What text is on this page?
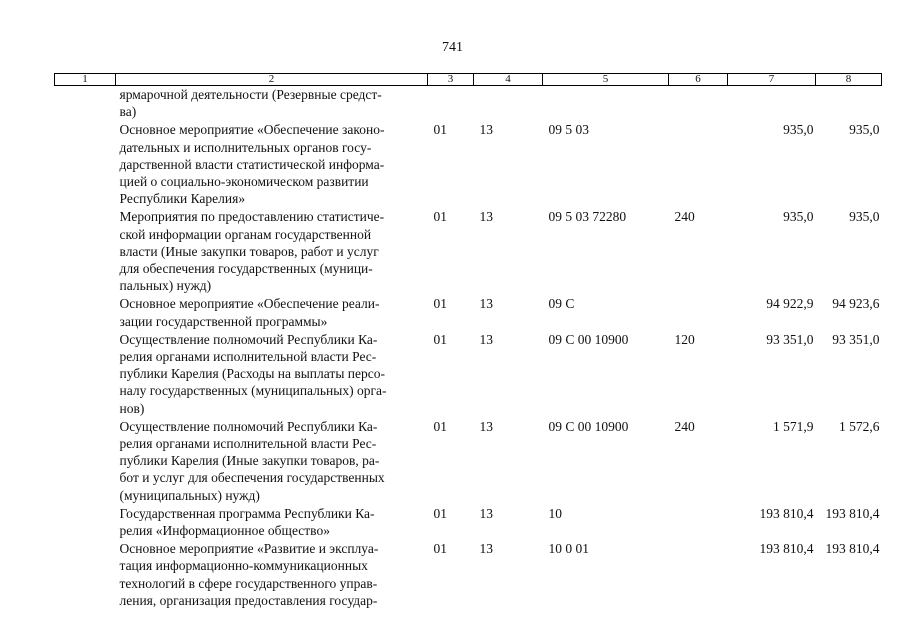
741
1	2	3	4	5	6	7	8

	ярмарочной деятельности (Резервные средст-
ва)						

	Основное мероприятие «Обеспечение законо-
дательных и исполнительных органов госу-
дарственной власти статистической информа-
цией о социально-экономическом развитии
Республики Карелия»	01	13	09 5 03		935,0	935,0

	Мероприятия по предоставлению статистиче-
ской информации органам государственной
власти (Иные закупки товаров, работ и услуг
для обеспечения государственных (муници-
пальных) нужд)	01	13	09 5 03 72280	240	935,0	935,0

	Основное мероприятие «Обеспечение реали-
зации государственной программы»	01	13	09 С		94 922,9	94 923,6

	Осуществление полномочий Республики Ка-
релия органами исполнительной власти Рес-
публики Карелия (Расходы на выплаты персо-
налу государственных (муниципальных) орга-
нов)	01	13	09 С 00 10900	120	93 351,0	93 351,0

	Осуществление полномочий Республики Ка-
релия органами исполнительной власти Рес-
публики Карелия (Иные закупки товаров, ра-
бот и услуг для обеспечения государственных
(муниципальных) нужд)	01	13	09 С 00 10900	240	1 571,9	1 572,6

	Государственная программа Республики Ка-
релия «Информационное общество»	01	13	10		193 810,4	193 810,4

	Основное мероприятие «Развитие и эксплуа-
тация информационно-коммуникационных
технологий в сфере государственного управ-
ления, организация предоставления государ-	01	13	10 0 01		193 810,4	193 810,4
